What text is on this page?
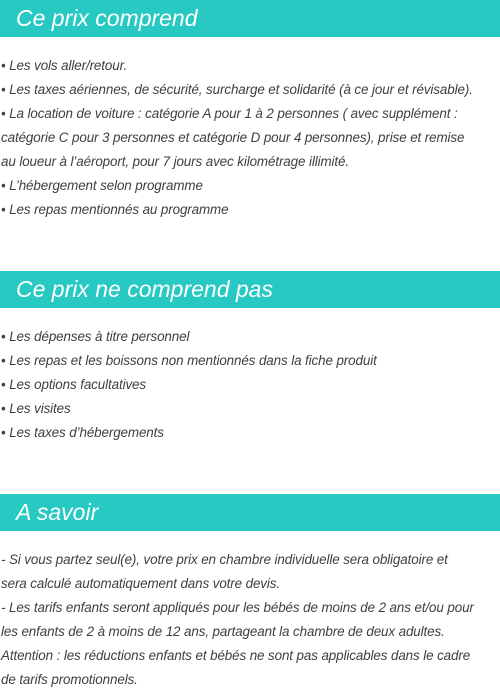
Ce prix comprend
• Les vols aller/retour.
• Les taxes aériennes, de sécurité, surcharge et solidarité (à ce jour et révisable).
• La location de voiture : catégorie A pour 1 à 2 personnes ( avec supplément :
catégorie C pour 3 personnes et catégorie D pour 4 personnes), prise et remise
au loueur à l’aéroport, pour 7 jours avec kilométrage illimité.
• L’hébergement selon programme
• Les repas mentionnés au programme
Ce prix ne comprend pas
• Les dépenses à titre personnel
• Les repas et les boissons non mentionnés dans la fiche produit
• Les options facultatives
• Les visites
• Les taxes d’hébergements
A savoir
- Si vous partez seul(e), votre prix en chambre individuelle sera obligatoire et
sera calculé automatiquement dans votre devis.
- Les tarifs enfants seront appliqués pour les bébés de moins de 2 ans et/ou pour
les enfants de 2 à moins de 12 ans, partageant la chambre de deux adultes.
Attention : les réductions enfants et bébés ne sont pas applicables dans le cadre
de tarifs promotionnels.
